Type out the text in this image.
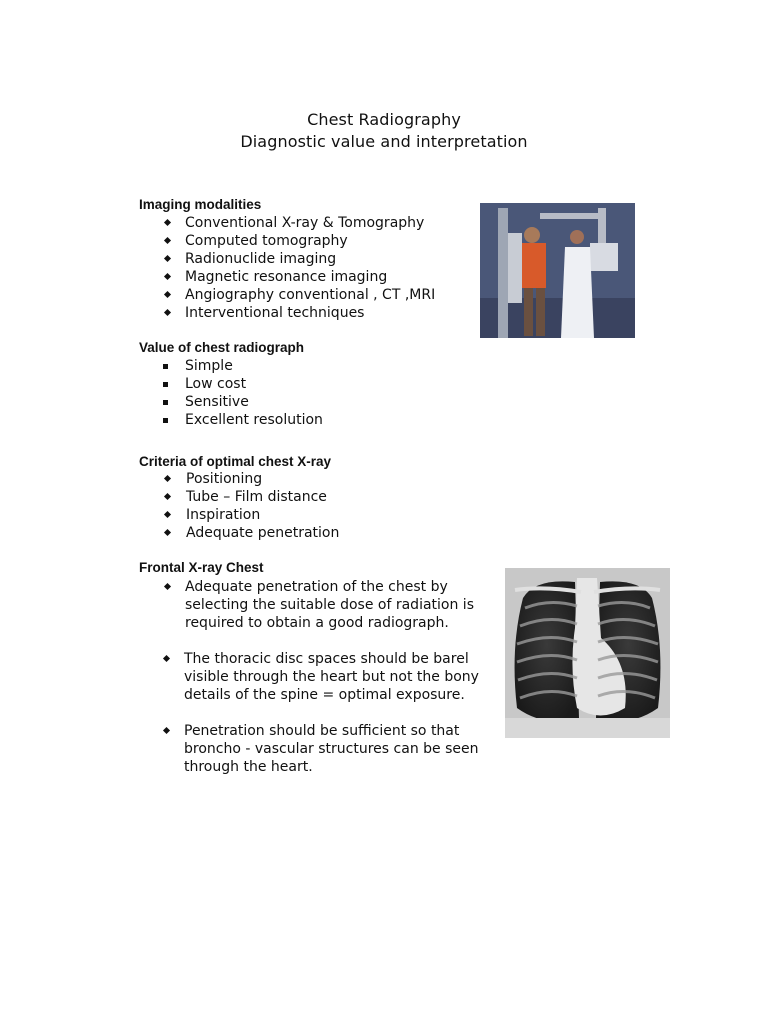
Chest Radiography
Diagnostic value and interpretation
Imaging modalities
Conventional X-ray & Tomography
Computed tomography
Radionuclide imaging
Magnetic resonance imaging
Angiography conventional , CT ,MRI
Interventional techniques
Value of chest radiograph
Simple
Low cost
Sensitive
Excellent resolution
Criteria of optimal chest X-ray
Positioning
Tube – Film distance
Inspiration
Adequate penetration
Frontal X-ray Chest
Adequate penetration of the chest by
selecting the suitable dose of radiation is
required to obtain a good radiograph.
The thoracic disc spaces should be barel
visible through the heart but not the bony
details of the spine = optimal exposure.
Penetration should be sufficient so that
broncho - vascular structures can be seen
through the heart.
